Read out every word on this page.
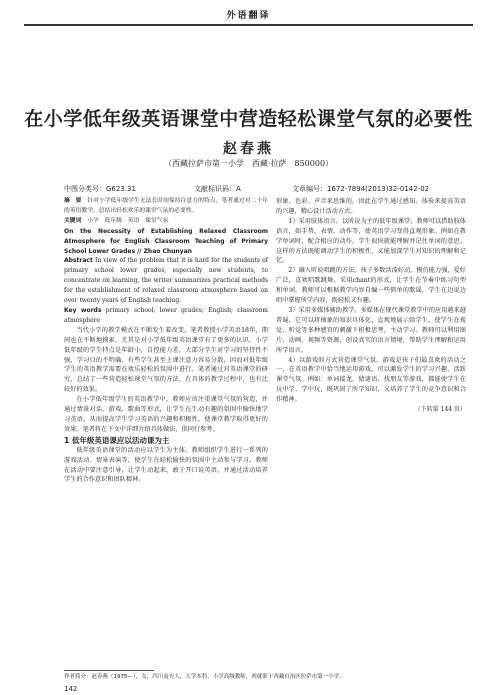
外语翻译
在小学低年级英语课堂中营造轻松课堂气氛的必要性
赵春燕
（西藏拉萨市第一小学　西藏·拉萨　850000）
中图分类号：G623.31	文献标识码：A	文章编号：1672-7894(2013)32-0142-02

摘　要　 针对小学低年级学生无法长时间保持注意力的特点，笔者通过对二十年的英语教学，总结出轻松欢乐的课堂气氛的必要性。

关键词　 小学　低年级　英语　课堂气氛

On the Necessity of Establishing Relaxed Classroom Atmosphere for English Classroom Teaching of Primary School Lower Grades // Zhao Chunyan

Abstract In view of the problem that it is hard for the students of primary school lower grades, especially new students, to concentrate on learning, the writer summarizes practical methods for the establishment of relaxed classroom atmosphere based on over twenty years of English teaching.

Key words primary school; lower grades; English; classroom atmosphere

当代小学的教学模式在不断发生着改变，笔者教授小学英语18年，期间也在不断地摸索，尤其是对小学低年级英语课堂有了更多的认识。小学低年级的学生特点是年龄小，自控能力差，大部分学生对学习的坚持性不强，学习目的不明确，有些学生甚至上课注意力容易分散，因而对低年级学生的英语教学需要在欢乐轻松的氛围中进行。笔者通过对英语课堂的研究，总结了一些营造轻松课堂气氛的方法，在具体的教学过程中，也有比较好的效果。

在小学低年级学生的英语教学中，教师应该注重课堂气氛的营造，并通过情景对话、游戏、歌曲等形式，让学生在生动有趣的氛围中愉快地学习英语，从而提高学生学习英语的兴趣和积极性，使课堂教学取得更好的效果。笔者将在下文中详细介绍具体做法，供同行参考。

1 低年级英语课应以活动课为主

低年级英语课堂的活动应以学生为主体，教师组织学生进行一系列的游戏活动、情景表演等，使学生在轻松愉快的氛围中主动参与学习。教师在活动中要注意引导，让学生动起来，敢于开口说英语，并通过活动培养学生的合作意识和团队精神。

形象、色彩、声音来思维的，因此在学生通过感知、体验来提高英语的兴趣，精心设计活动方式。

1）采用肢体语言。以听说为主的低年级课堂，教师可以借助肢体语言，如手势、表情、动作等，使英语学习变得直观形象。例如在教学单词时，配合相应的动作，学生很快就能理解并记住单词的意思。这样的方法既能调动学生的积极性，又能加深学生对知识的理解和记忆。

2）融入听说唱跳的方法。孩子多数活泼好动，模仿能力强，爱好广泛，喜欢唱歌跳舞。采用chant的形式，让学生在节奏中练习句型和单词，教师可以根据教学内容自编一些简单的歌谣，学生在边说边唱中掌握所学内容，既轻松又有趣。

3）采用多媒体辅助教学。多媒体在现代课堂教学中的应用越来越普遍，它可以将抽象的知识具体化，直观地展示给学生，使学生在视觉、听觉等多种感官的刺激下积极思考，主动学习。教师可以利用图片、动画、视频等资源，创设真实的语言情境，帮助学生理解和运用所学语言。

4）以游戏的方式营造课堂气氛。游戏是孩子们最喜欢的活动之一，在英语教学中恰当地运用游戏，可以激发学生的学习兴趣，活跃课堂气氛。例如：单词接龙、猜谜语、找朋友等游戏，都能使学生在玩中学、学中玩，既巩固了所学知识，又培养了学生的竞争意识和合作精神。

（下转第 144 页）
作者简介：赵春燕（1975—），女，四川南充人，大学本科，小学高级教师，现就职于西藏自治区拉萨市第一小学。
142
